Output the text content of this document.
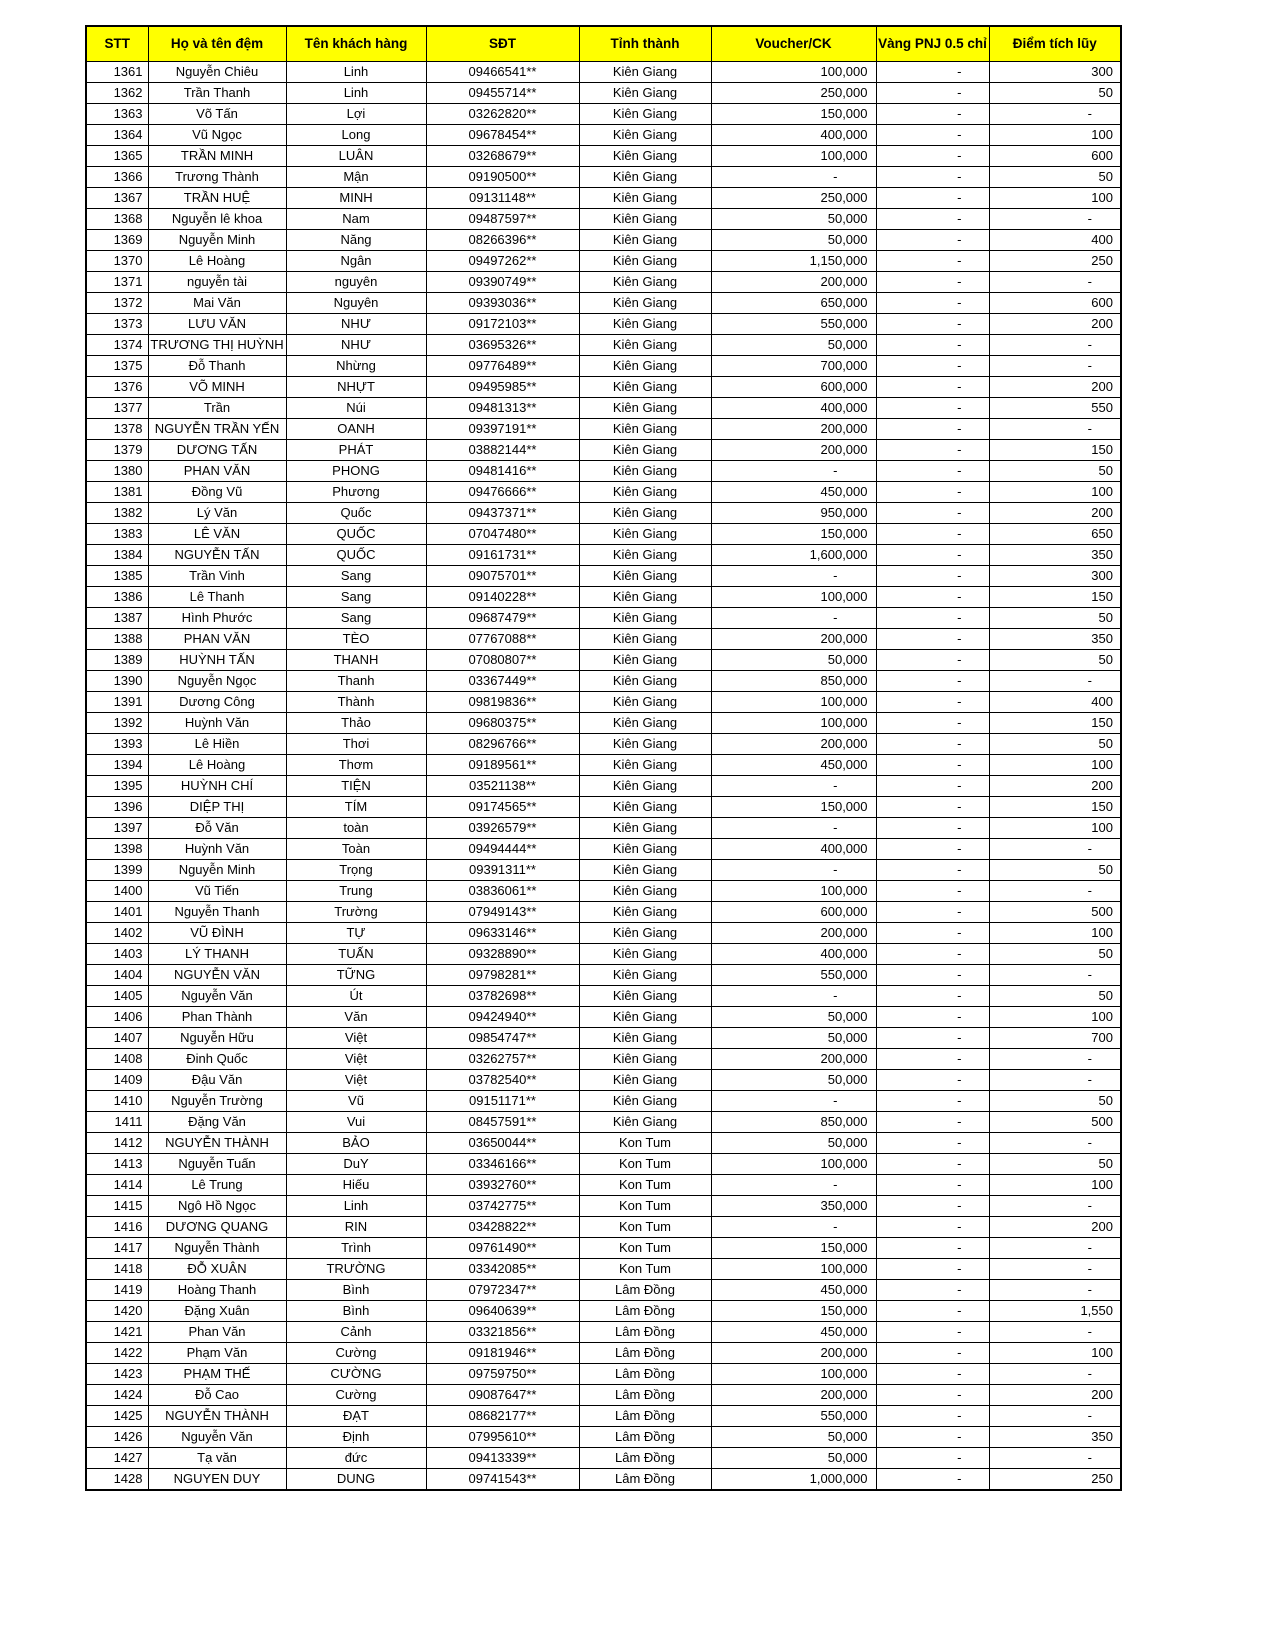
STT	Họ và tên đệm	Tên khách hàng	SĐT	Tỉnh thành	Voucher/CK	Vàng PNJ 0.5 chỉ	Điểm tích lũy
1361	Nguyễn Chiêu	Linh	09466541**	Kiên Giang	100,000	-	300
1362	Trần Thanh	Linh	09455714**	Kiên Giang	250,000	-	50
1363	Võ Tấn	Lợi	03262820**	Kiên Giang	150,000	-	-
1364	Vũ Ngọc	Long	09678454**	Kiên Giang	400,000	-	100
1365	TRẦN MINH	LUÂN	03268679**	Kiên Giang	100,000	-	600
1366	Trương Thành	Mận	09190500**	Kiên Giang	-	-	50
1367	TRẦN HUỆ	MINH	09131148**	Kiên Giang	250,000	-	100
1368	Nguyễn lê khoa	Nam	09487597**	Kiên Giang	50,000	-	-
1369	Nguyễn Minh	Năng	08266396**	Kiên Giang	50,000	-	400
1370	Lê Hoàng	Ngân	09497262**	Kiên Giang	1,150,000	-	250
1371	nguyễn tài	nguyên	09390749**	Kiên Giang	200,000	-	-
1372	Mai Văn	Nguyên	09393036**	Kiên Giang	650,000	-	600
1373	LƯU VĂN	NHƯ	09172103**	Kiên Giang	550,000	-	200
1374	TRƯƠNG THỊ HUỲNH	NHƯ	03695326**	Kiên Giang	50,000	-	-
1375	Đỗ Thanh	Nhừng	09776489**	Kiên Giang	700,000	-	-
1376	VÕ MINH	NHỰT	09495985**	Kiên Giang	600,000	-	200
1377	Trần	Núi	09481313**	Kiên Giang	400,000	-	550
1378	NGUYỄN TRẦN YẾN	OANH	09397191**	Kiên Giang	200,000	-	-
1379	DƯƠNG TẤN	PHÁT	03882144**	Kiên Giang	200,000	-	150
1380	PHAN VĂN	PHONG	09481416**	Kiên Giang	-	-	50
1381	Đồng Vũ	Phương	09476666**	Kiên Giang	450,000	-	100
1382	Lý Văn	Quốc	09437371**	Kiên Giang	950,000	-	200
1383	LÊ VĂN	QUỐC	07047480**	Kiên Giang	150,000	-	650
1384	NGUYỄN TẤN	QUỐC	09161731**	Kiên Giang	1,600,000	-	350
1385	Trần Vinh	Sang	09075701**	Kiên Giang	-	-	300
1386	Lê Thanh	Sang	09140228**	Kiên Giang	100,000	-	150
1387	Hình Phước	Sang	09687479**	Kiên Giang	-	-	50
1388	PHAN VĂN	TÈO	07767088**	Kiên Giang	200,000	-	350
1389	HUỲNH TẤN	THANH	07080807**	Kiên Giang	50,000	-	50
1390	Nguyễn Ngọc	Thanh	03367449**	Kiên Giang	850,000	-	-
1391	Dương Công	Thành	09819836**	Kiên Giang	100,000	-	400
1392	Huỳnh Văn	Thảo	09680375**	Kiên Giang	100,000	-	150
1393	Lê Hiền	Thơi	08296766**	Kiên Giang	200,000	-	50
1394	Lê Hoàng	Thơm	09189561**	Kiên Giang	450,000	-	100
1395	HUỲNH CHÍ	TIỆN	03521138**	Kiên Giang	-	-	200
1396	DIỆP THỊ	TÍM	09174565**	Kiên Giang	150,000	-	150
1397	Đỗ Văn	toàn	03926579**	Kiên Giang	-	-	100
1398	Huỳnh Văn	Toàn	09494444**	Kiên Giang	400,000	-	-
1399	Nguyễn Minh	Trọng	09391311**	Kiên Giang	-	-	50
1400	Vũ Tiến	Trung	03836061**	Kiên Giang	100,000	-	-
1401	Nguyễn Thanh	Trường	07949143**	Kiên Giang	600,000	-	500
1402	VŨ ĐÌNH	TỰ	09633146**	Kiên Giang	200,000	-	100
1403	LÝ THANH	TUẤN	09328890**	Kiên Giang	400,000	-	50
1404	NGUYỄN VĂN	TỮNG	09798281**	Kiên Giang	550,000	-	-
1405	Nguyễn Văn	Út	03782698**	Kiên Giang	-	-	50
1406	Phan Thành	Văn	09424940**	Kiên Giang	50,000	-	100
1407	Nguyễn Hữu	Việt	09854747**	Kiên Giang	50,000	-	700
1408	Đinh Quốc	Việt	03262757**	Kiên Giang	200,000	-	-
1409	Đậu Văn	Việt	03782540**	Kiên Giang	50,000	-	-
1410	Nguyễn Trường	Vũ	09151171**	Kiên Giang	-	-	50
1411	Đặng Văn	Vui	08457591**	Kiên Giang	850,000	-	500
1412	NGUYỄN THÀNH	BẢO	03650044**	Kon Tum	50,000	-	-
1413	Nguyễn Tuấn	DuY	03346166**	Kon Tum	100,000	-	50
1414	Lê Trung	Hiếu	03932760**	Kon Tum	-	-	100
1415	Ngô Hồ Ngọc	Linh	03742775**	Kon Tum	350,000	-	-
1416	DƯƠNG QUANG	RIN	03428822**	Kon Tum	-	-	200
1417	Nguyễn Thành	Trình	09761490**	Kon Tum	150,000	-	-
1418	ĐỖ XUÂN	TRƯỜNG	03342085**	Kon Tum	100,000	-	-
1419	Hoàng Thanh	Bình	07972347**	Lâm Đồng	450,000	-	-
1420	Đặng Xuân	Bình	09640639**	Lâm Đồng	150,000	-	1,550
1421	Phan Văn	Cảnh	03321856**	Lâm Đồng	450,000	-	-
1422	Phạm Văn	Cường	09181946**	Lâm Đồng	200,000	-	100
1423	PHẠM THẾ	CƯỜNG	09759750**	Lâm Đồng	100,000	-	-
1424	Đỗ Cao	Cường	09087647**	Lâm Đồng	200,000	-	200
1425	NGUYỄN THÀNH	ĐẠT	08682177**	Lâm Đồng	550,000	-	-
1426	Nguyễn Văn	Định	07995610**	Lâm Đồng	50,000	-	350
1427	Tạ văn	đức	09413339**	Lâm Đồng	50,000	-	-
1428	NGUYEN DUY	DUNG	09741543**	Lâm Đồng	1,000,000	-	250
